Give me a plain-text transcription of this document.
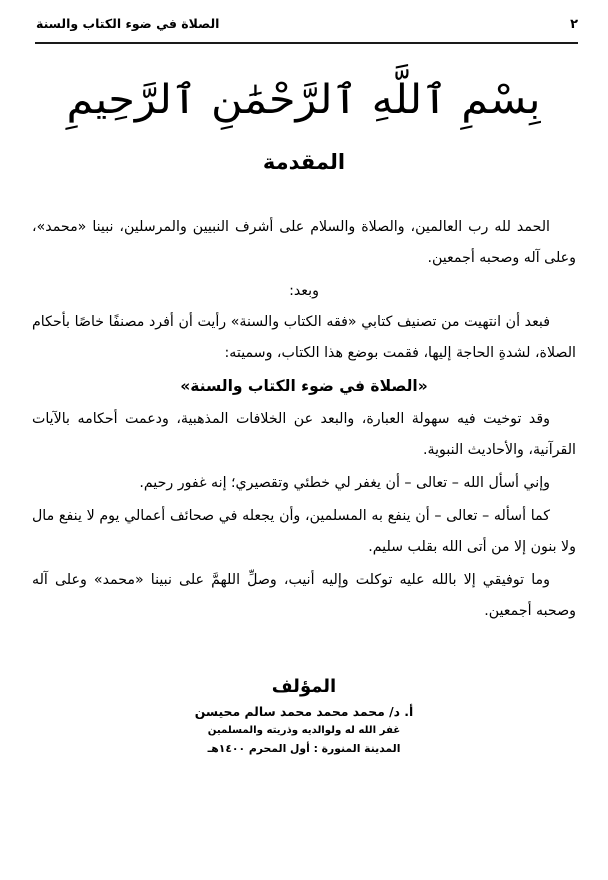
الصلاة في ضوء الكتاب والسنة	٢
بِسْمِ ٱللَّهِ ٱلرَّحْمَٰنِ ٱلرَّحِيمِ
المقدمة

الحمد لله رب العالمين، والصلاة والسلام على أشرف النبيين والمرسلين، نبينا «محمد»، وعلى آله وصحبه أجمعين.

وبعد:

فبعد أن انتهيت من تصنيف كتابي «فقه الكتاب والسنة» رأيت أن أفرد مصنفًا خاصًا بأحكام الصلاة، لشدةِ الحاجة إليها، فقمت بوضع هذا الكتاب، وسميته:

«الصلاة في ضوء الكتاب والسنة»

وقد توخيت فيه سهولة العبارة، والبعد عن الخلافات المذهبية، ودعمت أحكامه بالآيات القرآنية، والأحاديث النبوية.

وإني أسأل الله – تعالى – أن يغفر لي خطئي وتقصيري؛ إنه غفور رحيم.

كما أسأله – تعالى – أن ينفع به المسلمين، وأن يجعله في صحائف أعمالي يوم لا ينفع مال ولا بنون إلا من أتى الله بقلب سليم.

وما توفيقي إلا بالله عليه توكلت وإليه أنيب، وصلِّ اللهمَّ على نبينا «محمد» وعلى آله وصحبه أجمعين.

المؤلف
أ. د/ محمد محمد محمد سالم محيسن
غفر الله له ولوالديه وذريته والمسلمين
المدينة المنورة : أول المحرم ١٤٠٠هـ
